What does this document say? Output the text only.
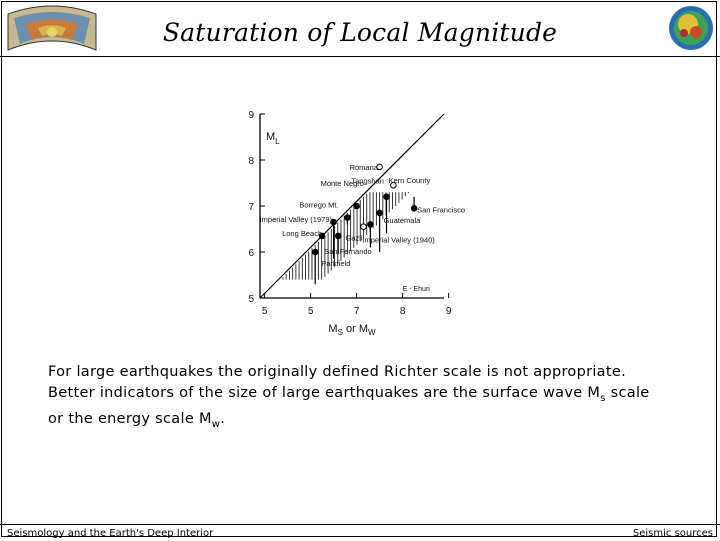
Saturation of Local Magnitude
5
6
7
8
9
5	5	7	8	9
$M_L$
$M_S$ or $M_W$
Romana
Tangshan Kern County
Monte Negro
Borrego Mt.
Imperial Valley (1979)
Long Beach
San Francisco
Guatemala
Imperial Valley (1940)
Gazli
San Fernando
Parkfield
E - Ehuri
For large earthquakes the originally defined Richter scale is not appropriate.
Better indicators of the size of large earthquakes are the surface wave $M_s$ scale
or the energy scale $M_w$.
Seismology and the Earth's Deep Interior	Seismic sources
